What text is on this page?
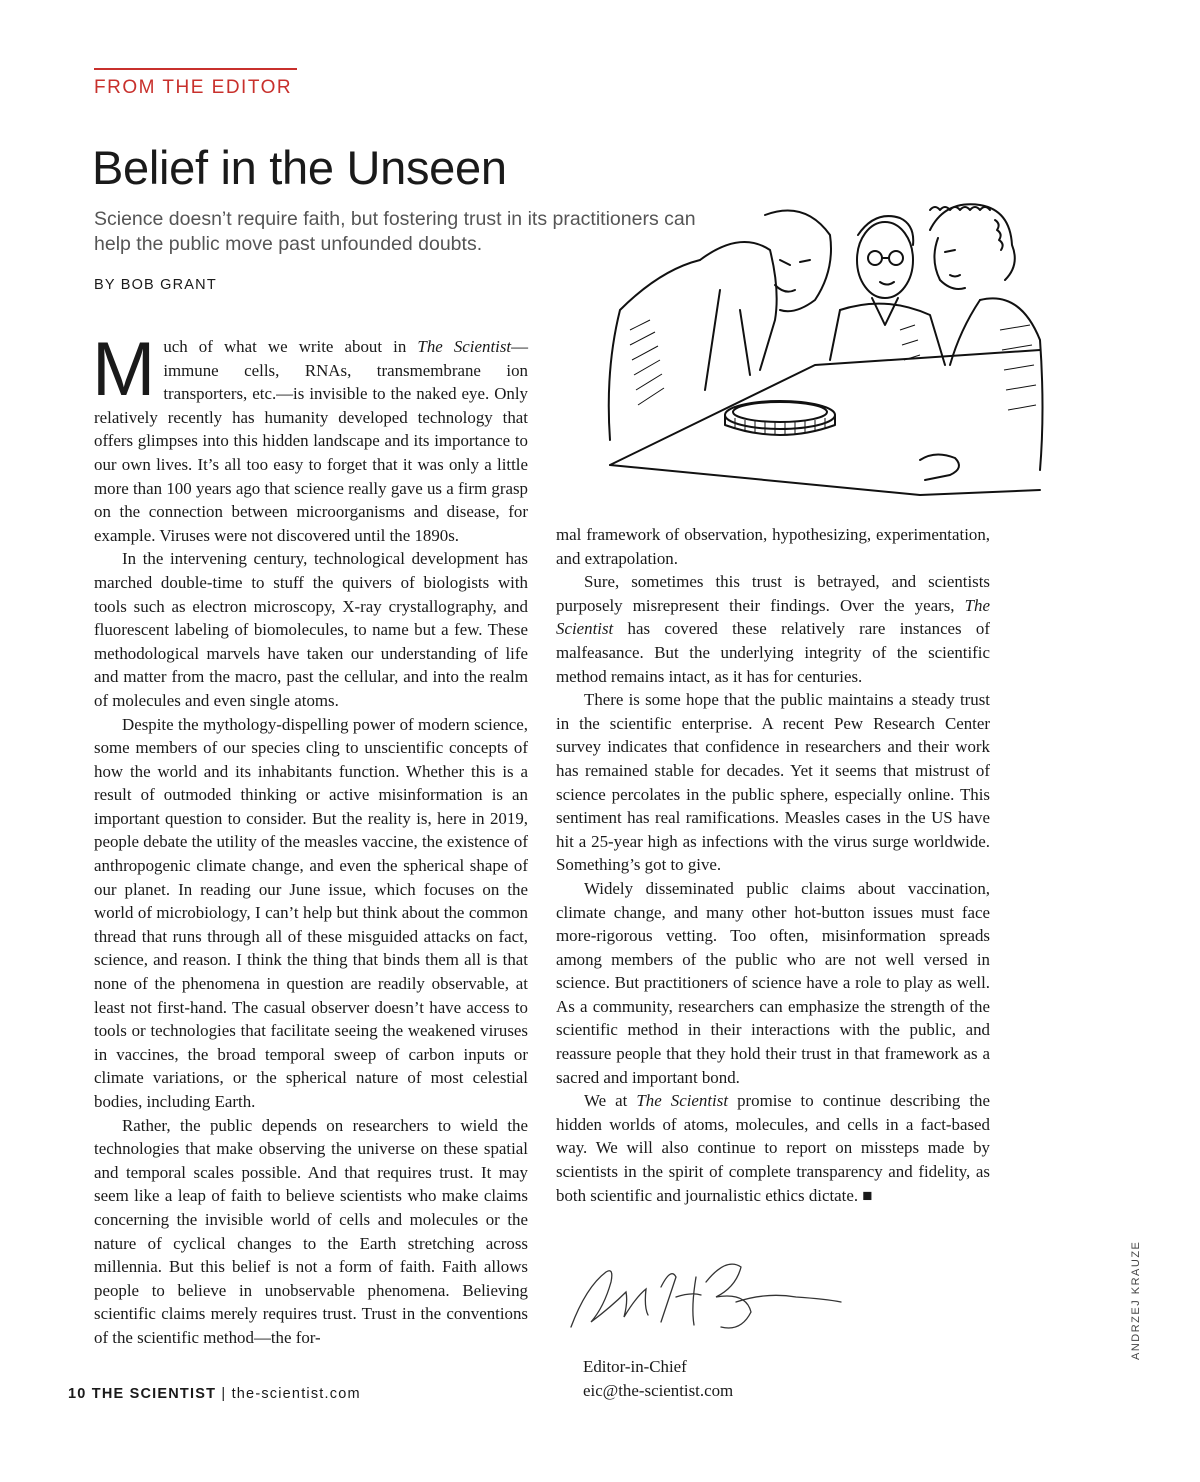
FROM THE EDITOR
Belief in the Unseen
Science doesn’t require faith, but fostering trust in its practitioners can help the public move past unfounded doubts.
BY BOB GRANT

Much of what we write about in The Scientist—immune cells, RNAs, transmembrane ion transporters, etc.—is invisible to the naked eye. Only relatively recently has humanity developed technology that offers glimpses into this hidden landscape and its importance to our own lives. It’s all too easy to forget that it was only a little more than 100 years ago that science really gave us a firm grasp on the connection between microorganisms and disease, for example. Viruses were not discovered until the 1890s.

In the intervening century, technological development has marched double-time to stuff the quivers of biologists with tools such as electron microscopy, X-ray crystallography, and fluorescent labeling of biomolecules, to name but a few. These methodological marvels have taken our understanding of life and matter from the macro, past the cellular, and into the realm of molecules and even single atoms.

Despite the mythology-dispelling power of modern science, some members of our species cling to unscientific concepts of how the world and its inhabitants function. Whether this is a result of outmoded thinking or active misinformation is an important question to consider. But the reality is, here in 2019, people debate the utility of the measles vaccine, the existence of anthropogenic climate change, and even the spherical shape of our planet. In reading our June issue, which focuses on the world of microbiology, I can’t help but think about the common thread that runs through all of these misguided attacks on fact, science, and reason. I think the thing that binds them all is that none of the phenomena in question are readily observable, at least not first-hand. The casual observer doesn’t have access to tools or technologies that facilitate seeing the weakened viruses in vaccines, the broad temporal sweep of carbon inputs or climate variations, or the spherical nature of most celestial bodies, including Earth.

Rather, the public depends on researchers to wield the technologies that make observing the universe on these spatial and temporal scales possible. And that requires trust. It may seem like a leap of faith to believe scientists who make claims concerning the invisible world of cells and molecules or the nature of cyclical changes to the Earth stretching across millennia. But this belief is not a form of faith. Faith allows people to believe in unobservable phenomena. Believing scientific claims merely requires trust. Trust in the conventions of the scientific method—the for-

mal framework of observation, hypothesizing, experimentation, and extrapolation.

Sure, sometimes this trust is betrayed, and scientists purposely misrepresent their findings. Over the years, The Scientist has covered these relatively rare instances of malfeasance. But the underlying integrity of the scientific method remains intact, as it has for centuries.

There is some hope that the public maintains a steady trust in the scientific enterprise. A recent Pew Research Center survey indicates that confidence in researchers and their work has remained stable for decades. Yet it seems that mistrust of science percolates in the public sphere, especially online. This sentiment has real ramifications. Measles cases in the US have hit a 25-year high as infections with the virus surge worldwide. Something’s got to give.

Widely disseminated public claims about vaccination, climate change, and many other hot-button issues must face more-rigorous vetting. Too often, misinformation spreads among members of the public who are not well versed in science. But practitioners of science have a role to play as well. As a community, researchers can emphasize the strength of the scientific method in their interactions with the public, and reassure people that they hold their trust in that framework as a sacred and important bond.

We at The Scientist promise to continue describing the hidden worlds of atoms, molecules, and cells in a fact-based way. We will also continue to report on missteps made by scientists in the spirit of complete transparency and fidelity, as both scientific and journalistic ethics dictate. ■

Editor-in-Chief
eic@the-scientist.com
ANDRZEJ KRAUZE
10 THE SCIENTIST | the-scientist.com
